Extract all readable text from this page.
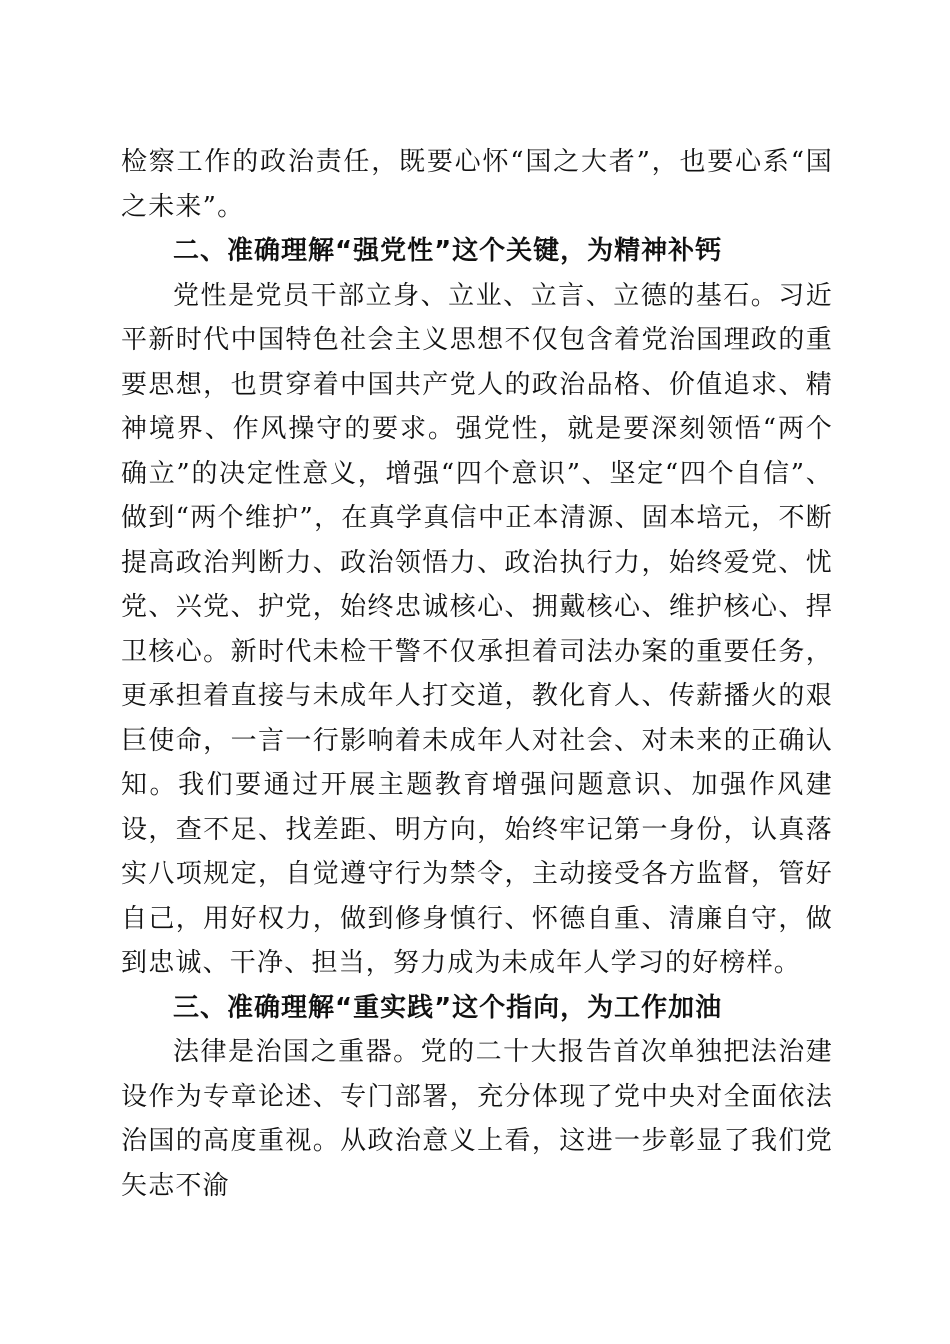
检察工作的政治责任，既要心怀“国之大者”，也要心系“国之未来”。

二、准确理解“强党性”这个关键，为精神补钙

党性是党员干部立身、立业、立言、立德的基石。习近平新时代中国特色社会主义思想不仅包含着党治国理政的重要思想，也贯穿着中国共产党人的政治品格、价值追求、精神境界、作风操守的要求。强党性，就是要深刻领悟“两个确立”的决定性意义，增强“四个意识”、坚定“四个自信”、做到“两个维护”，在真学真信中正本清源、固本培元，不断提高政治判断力、政治领悟力、政治执行力，始终爱党、忧党、兴党、护党，始终忠诚核心、拥戴核心、维护核心、捍卫核心。新时代未检干警不仅承担着司法办案的重要任务，更承担着直接与未成年人打交道，教化育人、传薪播火的艰巨使命，一言一行影响着未成年人对社会、对未来的正确认知。我们要通过开展主题教育增强问题意识、加强作风建设，查不足、找差距、明方向，始终牢记第一身份，认真落实八项规定，自觉遵守行为禁令，主动接受各方监督，管好自己，用好权力，做到修身慎行、怀德自重、清廉自守，做到忠诚、干净、担当，努力成为未成年人学习的好榜样。

三、准确理解“重实践”这个指向，为工作加油

法律是治国之重器。党的二十大报告首次单独把法治建设作为专章论述、专门部署，充分体现了党中央对全面依法治国的高度重视。从政治意义上看，这进一步彰显了我们党矢志不渝
